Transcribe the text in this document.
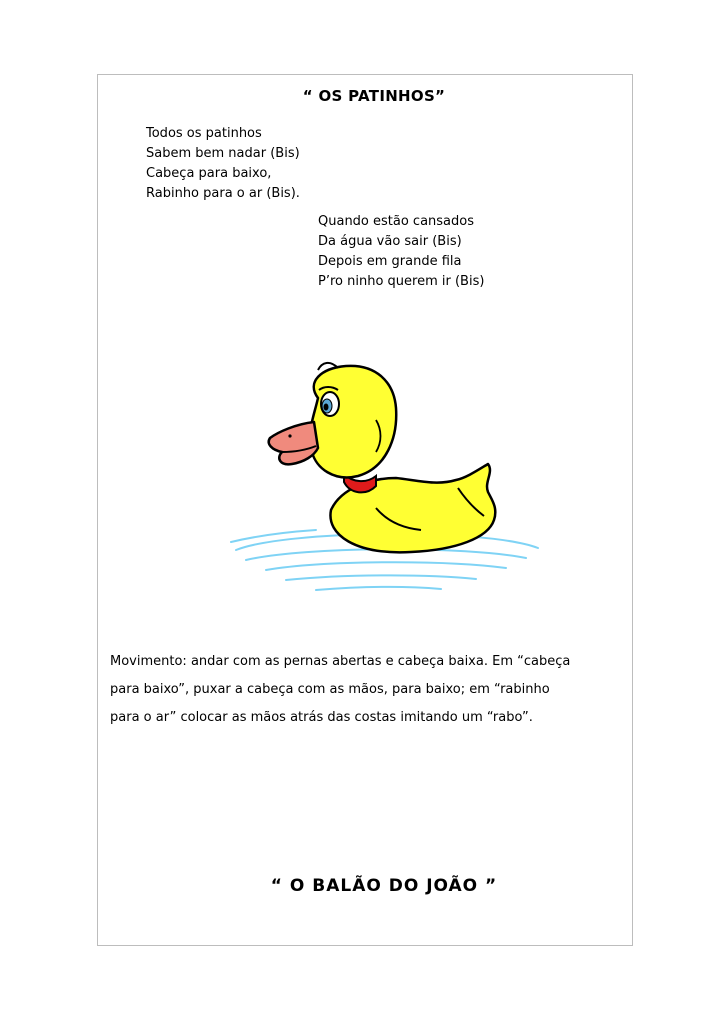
“ OS PATINHOS”
Todos os patinhos
Sabem bem nadar (Bis)
Cabeça para baixo,
Rabinho para o ar (Bis).
Quando estão cansados
Da água vão sair (Bis)
Depois em grande fila
P’ro ninho querem ir (Bis)
Movimento: andar com as pernas abertas e cabeça baixa. Em “cabeça
para baixo”, puxar a cabeça com as mãos, para baixo; em “rabinho
para o ar” colocar as mãos atrás das costas imitando um “rabo”.
“ O BALÃO DO JOÃO ”
